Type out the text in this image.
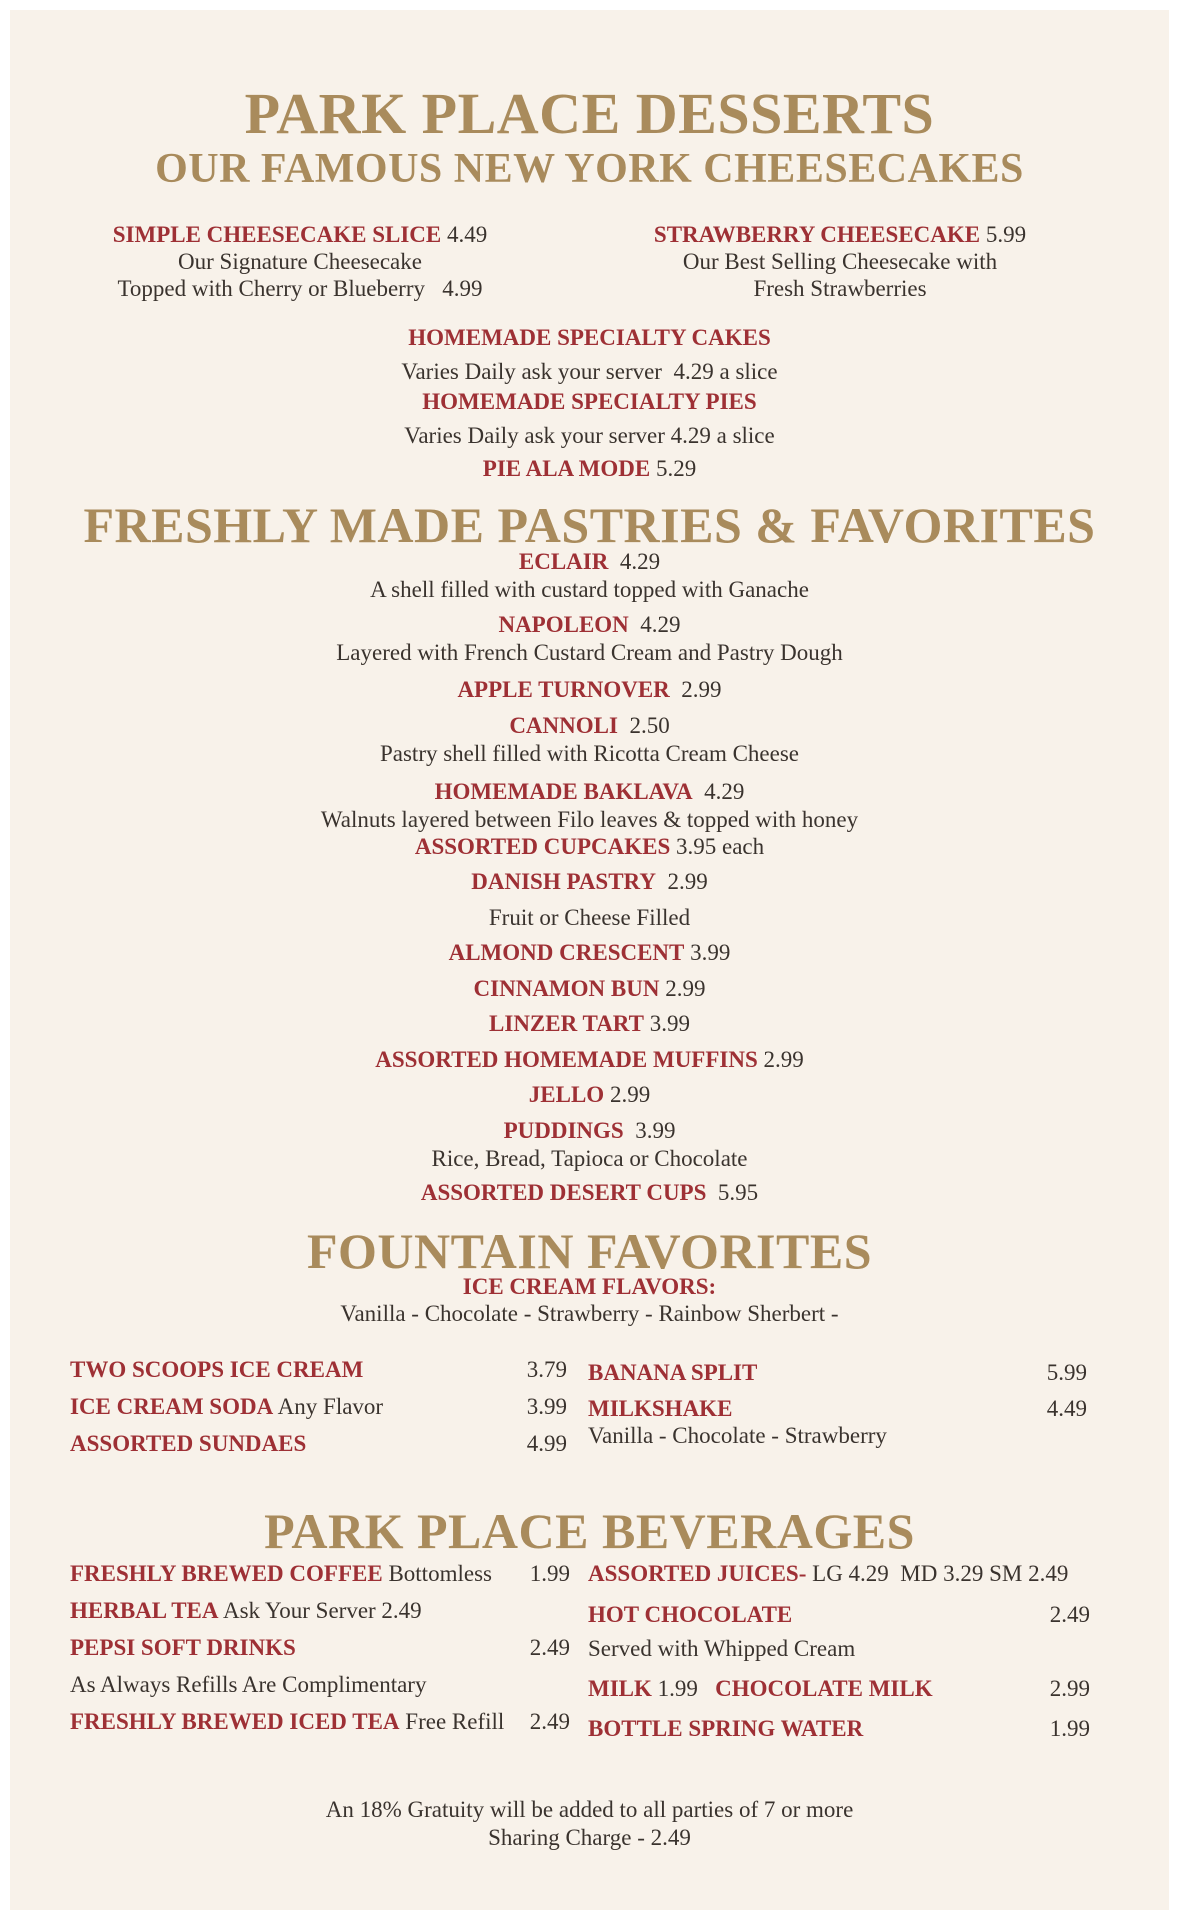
PARK PLACE DESSERTS
OUR FAMOUS NEW YORK CHEESECAKES
SIMPLE CHEESECAKE SLICE 4.49
Our Signature Cheesecake
Topped with Cherry or Blueberry 4.99
STRAWBERRY CHEESECAKE 5.99
Our Best Selling Cheesecake with
Fresh Strawberries
HOMEMADE SPECIALTY CAKES
Varies Daily ask your server 4.29 a slice
HOMEMADE SPECIALTY PIES
Varies Daily ask your server 4.29 a slice
PIE ALA MODE 5.29
FRESHLY MADE PASTRIES & FAVORITES
ECLAIR 4.29
A shell filled with custard topped with Ganache
NAPOLEON 4.29
Layered with French Custard Cream and Pastry Dough
APPLE TURNOVER 2.99
CANNOLI 2.50
Pastry shell filled with Ricotta Cream Cheese
HOMEMADE BAKLAVA 4.29
Walnuts layered between Filo leaves & topped with honey
ASSORTED CUPCAKES 3.95 each
DANISH PASTRY 2.99
Fruit or Cheese Filled
ALMOND CRESCENT 3.99
CINNAMON BUN 2.99
LINZER TART 3.99
ASSORTED HOMEMADE MUFFINS 2.99
JELLO 2.99
PUDDINGS 3.99
Rice, Bread, Tapioca or Chocolate
ASSORTED DESERT CUPS 5.95
FOUNTAIN FAVORITES
ICE CREAM FLAVORS:
Vanilla - Chocolate - Strawberry - Rainbow Sherbert -
TWO SCOOPS ICE CREAM	3.79
ICE CREAM SODA Any Flavor	3.99
ASSORTED SUNDAES	4.99
BANANA SPLIT	5.99
MILKSHAKE	4.49
Vanilla - Chocolate - Strawberry
PARK PLACE BEVERAGES
FRESHLY BREWED COFFEE Bottomless	1.99
HERBAL TEA Ask Your Server 2.49
PEPSI SOFT DRINKS	2.49
As Always Refills Are Complimentary
FRESHLY BREWED ICED TEA Free Refill	2.49
ASSORTED JUICES- LG 4.29  MD 3.29 SM 2.49
HOT CHOCOLATE	2.49
Served with Whipped Cream
MILK 1.99 CHOCOLATE MILK	2.99
BOTTLE SPRING WATER	1.99
An 18% Gratuity will be added to all parties of 7 or more
Sharing Charge - 2.49
